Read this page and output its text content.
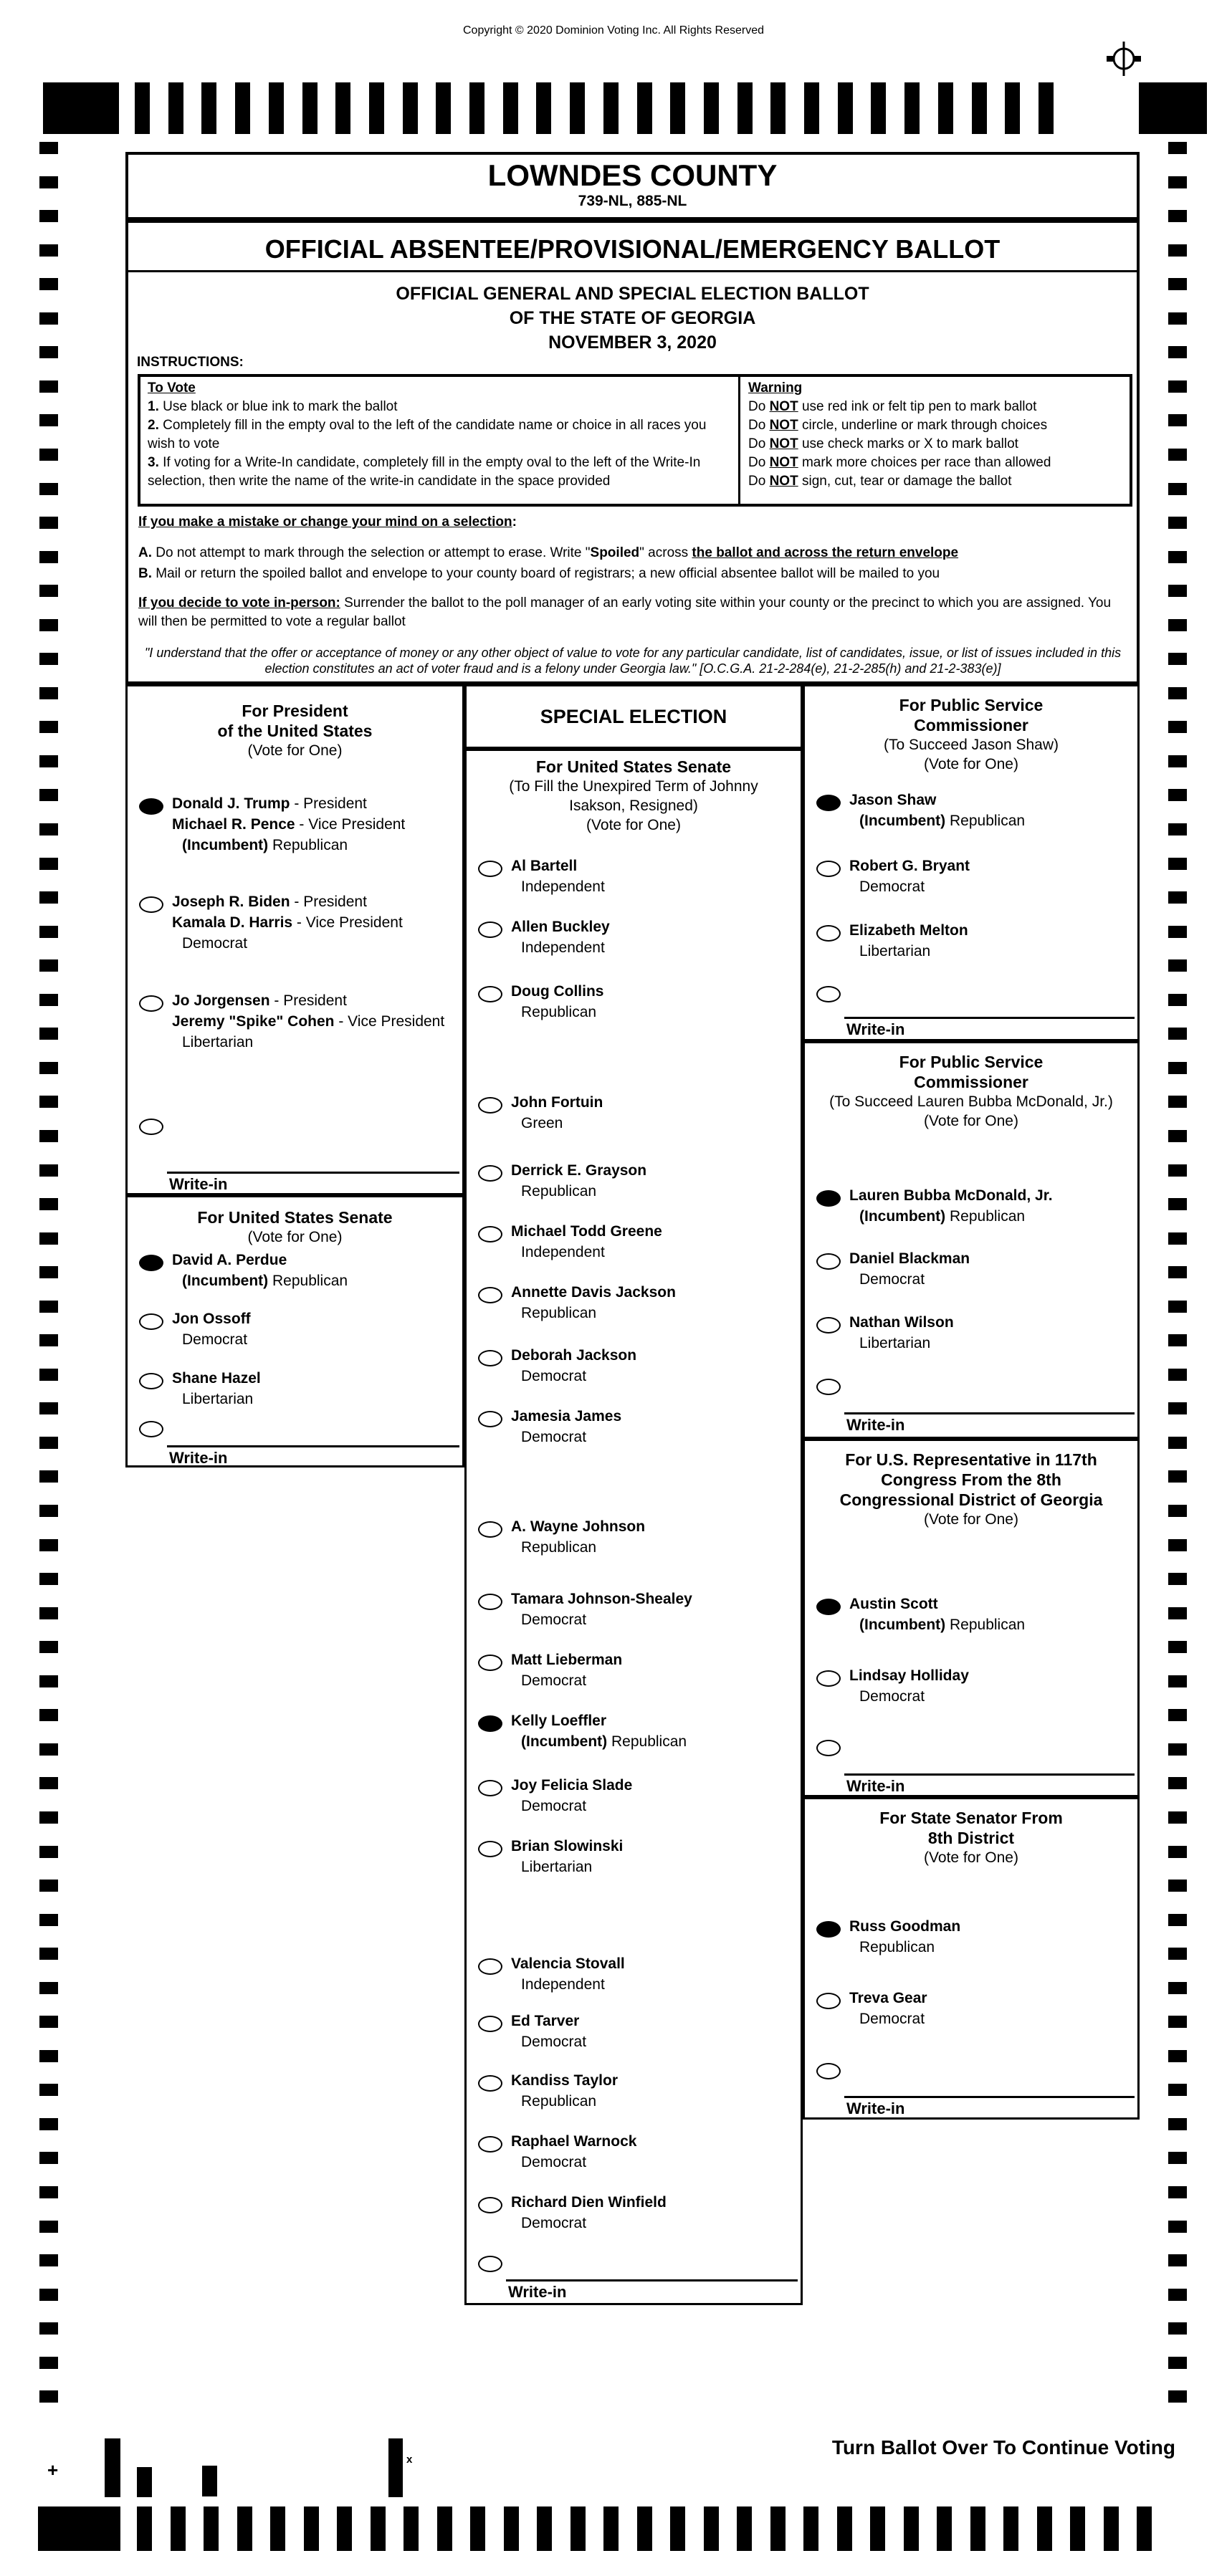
Copyright © 2020 Dominion Voting Inc. All Rights Reserved
LOWNDES COUNTY
739-NL, 885-NL
OFFICIAL ABSENTEE/PROVISIONAL/EMERGENCY BALLOT
OFFICIAL GENERAL AND SPECIAL ELECTION BALLOT
OF THE STATE OF GEORGIA
NOVEMBER 3, 2020
INSTRUCTIONS:
To Vote
1. Use black or blue ink to mark the ballot
2. Completely fill in the empty oval to the left of the candidate name or choice in all races you wish to vote
3. If voting for a Write-In candidate, completely fill in the empty oval to the left of the Write-In selection, then write the name of the write-in candidate in the space provided
Warning
Do NOT use red ink or felt tip pen to mark ballot
Do NOT circle, underline or mark through choices
Do NOT use check marks or X to mark ballot
Do NOT mark more choices per race than allowed
Do NOT sign, cut, tear or damage the ballot
If you make a mistake or change your mind on a selection:
A. Do not attempt to mark through the selection or attempt to erase. Write "Spoiled" across the ballot and across the return envelope
B. Mail or return the spoiled ballot and envelope to your county board of registrars; a new official absentee ballot will be mailed to you
If you decide to vote in-person: Surrender the ballot to the poll manager of an early voting site within your county or the precinct to which you are assigned. You will then be permitted to vote a regular ballot
"I understand that the offer or acceptance of money or any other object of value to vote for any particular candidate, list of candidates, issue, or list of issues included in this election constitutes an act of voter fraud and is a felony under Georgia law." [O.C.G.A. 21-2-284(e), 21-2-285(h) and 21-2-383(e)]
For President
of the United States
(Vote for One)
Donald J. Trump - President
Michael R. Pence - Vice President
(Incumbent) Republican
Joseph R. Biden - President
Kamala D. Harris - Vice President
Democrat
Jo Jorgensen - President
Jeremy "Spike" Cohen - Vice President
Libertarian
Write-in
For United States Senate
(Vote for One)
David A. Perdue
(Incumbent) Republican
Jon Ossoff
Democrat
Shane Hazel
Libertarian
Write-in
SPECIAL ELECTION
For United States Senate
(To Fill the Unexpired Term of Johnny
Isakson, Resigned)
(Vote for One)
Al Bartell
Independent
Allen Buckley
Independent
Doug Collins
Republican
John Fortuin
Green
Derrick E. Grayson
Republican
Michael Todd Greene
Independent
Annette Davis Jackson
Republican
Deborah Jackson
Democrat
Jamesia James
Democrat
A. Wayne Johnson
Republican
Tamara Johnson-Shealey
Democrat
Matt Lieberman
Democrat
Kelly Loeffler
(Incumbent) Republican
Joy Felicia Slade
Democrat
Brian Slowinski
Libertarian
Valencia Stovall
Independent
Ed Tarver
Democrat
Kandiss Taylor
Republican
Raphael Warnock
Democrat
Richard Dien Winfield
Democrat
Write-in
For Public Service
Commissioner
(To Succeed Jason Shaw)
(Vote for One)
Jason Shaw
(Incumbent) Republican
Robert G. Bryant
Democrat
Elizabeth Melton
Libertarian
Write-in
For Public Service
Commissioner
(To Succeed Lauren Bubba McDonald, Jr.)
(Vote for One)
Lauren Bubba McDonald, Jr.
(Incumbent) Republican
Daniel Blackman
Democrat
Nathan Wilson
Libertarian
Write-in
For U.S. Representative in 117th
Congress From the 8th
Congressional District of Georgia
(Vote for One)
Austin Scott
(Incumbent) Republican
Lindsay Holliday
Democrat
Write-in
For State Senator From
8th District
(Vote for One)
Russ Goodman
Republican
Treva Gear
Democrat
Write-in
+	x
Turn Ballot Over To Continue Voting
